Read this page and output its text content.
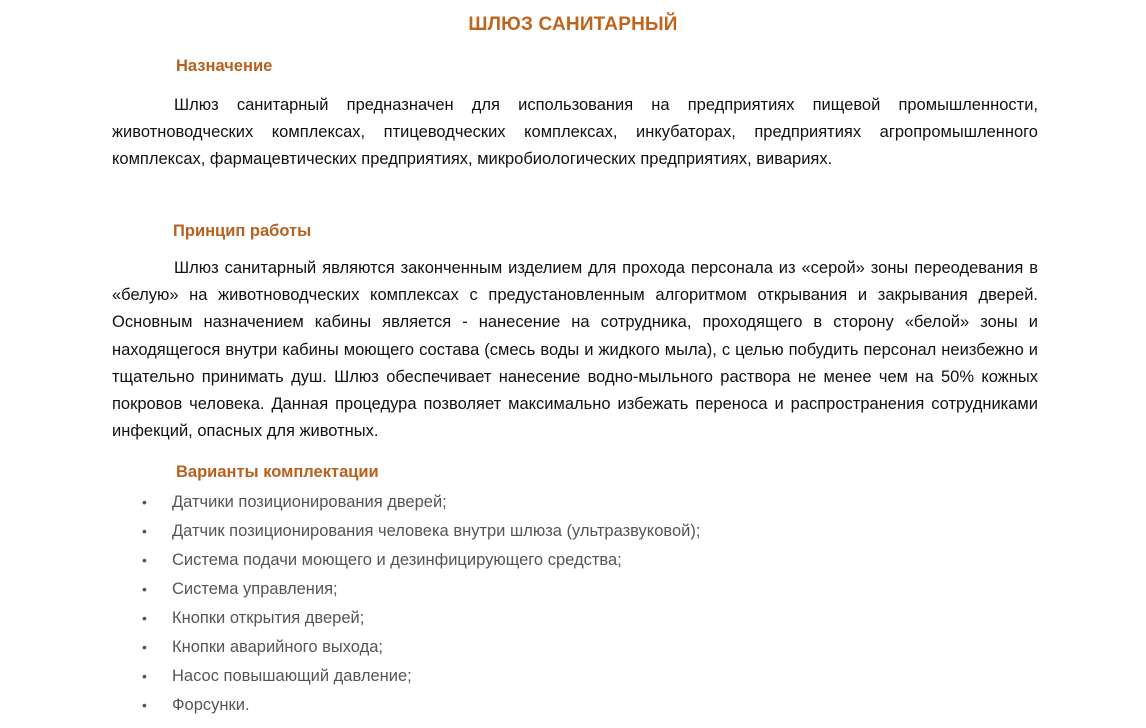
ШЛЮЗ САНИТАРНЫЙ
Назначение
Шлюз санитарный предназначен для использования на предприятиях пищевой промышленности, животноводческих комплексах, птицеводческих комплексах, инкубаторах, предприятиях агропромышленного комплексах, фармацевтических предприятиях, микробиологических предприятиях, вивариях.
Принцип работы
Шлюз санитарный являются законченным изделием для прохода персонала из «серой» зоны переодевания в «белую» на животноводческих комплексах с предустановленным алгоритмом открывания и закрывания дверей. Основным назначением кабины является - нанесение на сотрудника, проходящего в сторону «белой» зоны и находящегося внутри кабины моющего состава (смесь воды и жидкого мыла), с целью побудить персонал неизбежно и тщательно принимать душ. Шлюз обеспечивает нанесение водно-мыльного раствора не менее чем на 50% кожных покровов человека. Данная процедура позволяет максимально избежать переноса и распространения сотрудниками инфекций, опасных для животных.
Варианты комплектации
• Датчики позиционирования дверей;
• Датчик позиционирования человека внутри шлюза (ультразвуковой);
• Система подачи моющего и дезинфицирующего средства;
• Система управления;
• Кнопки открытия дверей;
• Кнопки аварийного выхода;
• Насос повышающий давление;
• Форсунки.
